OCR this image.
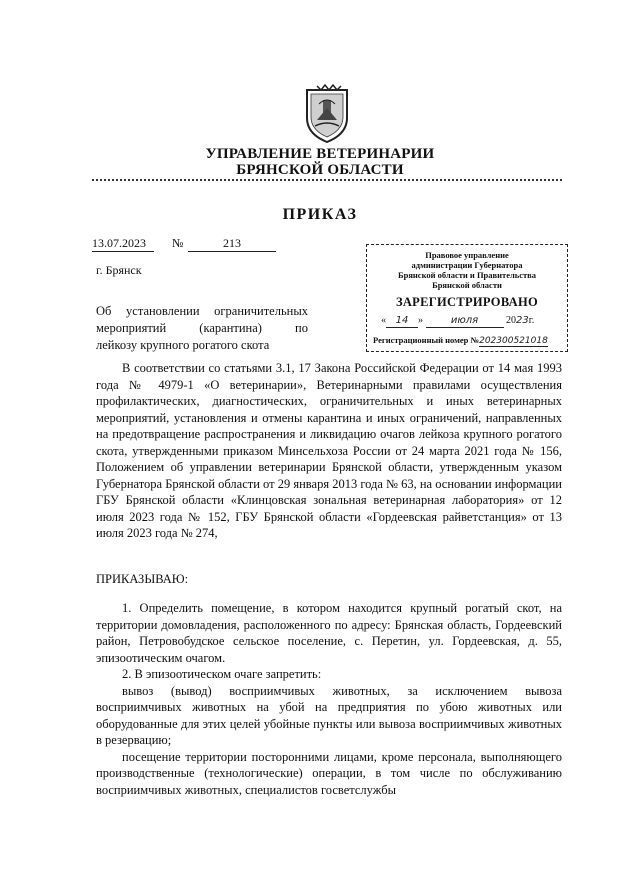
УПРАВЛЕНИЕ ВЕТЕРИНАРИИ
БРЯНСКОЙ ОБЛАСТИ
ПРИКАЗ
13.07.2023	№	213
г. Брянск
Об установлении ограничительных
мероприятий (карантина) по
лейкозу крупного рогатого скота
Правовое управление
администрации Губернатора
Брянской области и Правительства
Брянской области
ЗАРЕГИСТРИРОВАНО
« 14 »	июля	2023г.
Регистрационный номер №202300521018
В соответствии со статьями 3.1, 17 Закона Российской Федерации от 14 мая 1993 года № 4979-1 «О ветеринарии», Ветеринарными правилами осуществления профилактических, диагностических, ограничительных и иных ветеринарных мероприятий, установления и отмены карантина и иных ограничений, направленных на предотвращение распространения и ликвидацию очагов лейкоза крупного рогатого скота, утвержденными приказом Минсельхоза России от 24 марта 2021 года № 156, Положением об управлении ветеринарии Брянской области, утвержденным указом Губернатора Брянской области от 29 января 2013 года № 63, на основании информации ГБУ Брянской области «Клинцовская зональная ветеринарная лаборатория» от 12 июля 2023 года № 152, ГБУ Брянской области «Гордеевская райветстанция» от 13 июля 2023 года № 274,
ПРИКАЗЫВАЮ:
1. Определить помещение, в котором находится крупный рогатый скот, на территории домовладения, расположенного по адресу: Брянская область, Гордеевский район, Петровобудское сельское поселение, с. Перетин, ул. Гордеевская, д. 55, эпизоотическим очагом.
2. В эпизоотическом очаге запретить:
вывоз (вывод) восприимчивых животных, за исключением вывоза восприимчивых животных на убой на предприятия по убою животных или оборудованные для этих целей убойные пункты или вывоза восприимчивых животных в резервацию;
посещение территории посторонними лицами, кроме персонала, выполняющего производственные (технологические) операции, в том числе по обслуживанию восприимчивых животных, специалистов госветслужбы
